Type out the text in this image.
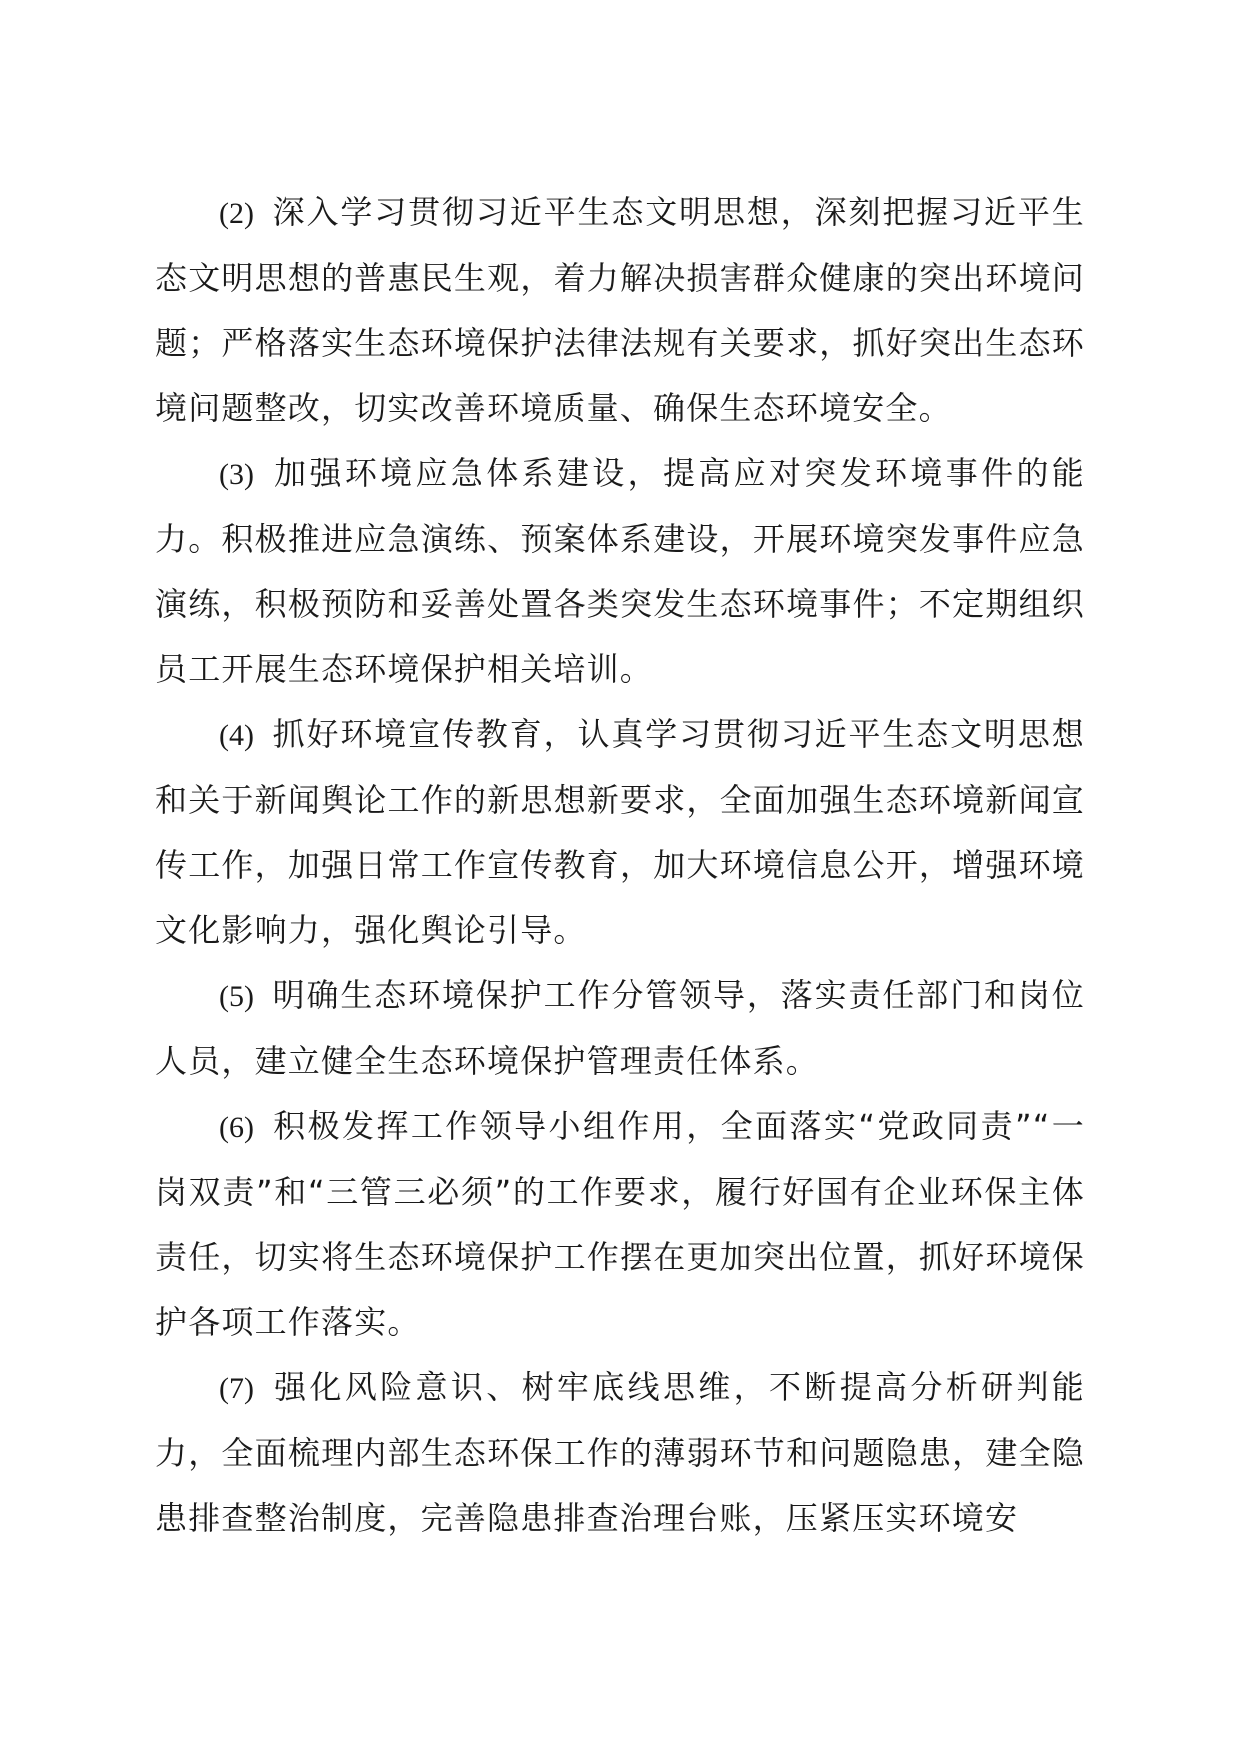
(2) 深入学习贯彻习近平生态文明思想，深刻把握习近平生态文明思想的普惠民生观，着力解决损害群众健康的突出环境问题；严格落实生态环境保护法律法规有关要求，抓好突出生态环境问题整改，切实改善环境质量、确保生态环境安全。

(3) 加强环境应急体系建设，提高应对突发环境事件的能力。积极推进应急演练、预案体系建设，开展环境突发事件应急演练，积极预防和妥善处置各类突发生态环境事件；不定期组织员工开展生态环境保护相关培训。

(4) 抓好环境宣传教育，认真学习贯彻习近平生态文明思想和关于新闻舆论工作的新思想新要求，全面加强生态环境新闻宣传工作，加强日常工作宣传教育，加大环境信息公开，增强环境文化影响力，强化舆论引导。

(5) 明确生态环境保护工作分管领导，落实责任部门和岗位人员，建立健全生态环境保护管理责任体系。

(6) 积极发挥工作领导小组作用，全面落实“党政同责”“一岗双责”和“三管三必须”的工作要求，履行好国有企业环保主体责任，切实将生态环境保护工作摆在更加突出位置，抓好环境保护各项工作落实。

(7) 强化风险意识、树牢底线思维，不断提高分析研判能力，全面梳理内部生态环保工作的薄弱环节和问题隐患，建全隐患排查整治制度，完善隐患排查治理台账，压紧压实环境安
